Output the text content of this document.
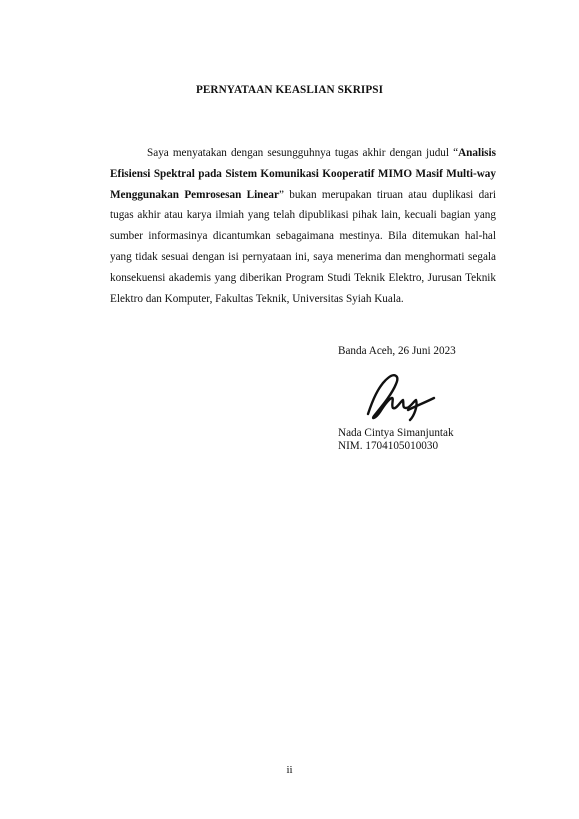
PERNYATAAN KEASLIAN SKRIPSI

Saya menyatakan dengan sesungguhnya tugas akhir dengan judul “Analisis Efisiensi Spektral pada Sistem Komunikasi Kooperatif MIMO Masif Multi-way Menggunakan Pemrosesan Linear” bukan merupakan tiruan atau duplikasi dari tugas akhir atau karya ilmiah yang telah dipublikasi pihak lain, kecuali bagian yang sumber informasinya dicantumkan sebagaimana mestinya. Bila ditemukan hal-hal yang tidak sesuai dengan isi pernyataan ini, saya menerima dan menghormati segala konsekuensi akademis yang diberikan Program Studi Teknik Elektro, Jurusan Teknik Elektro dan Komputer, Fakultas Teknik, Universitas Syiah Kuala.

Banda Aceh, 26 Juni 2023
Nada Cintya Simanjuntak
NIM. 1704105010030
ii
